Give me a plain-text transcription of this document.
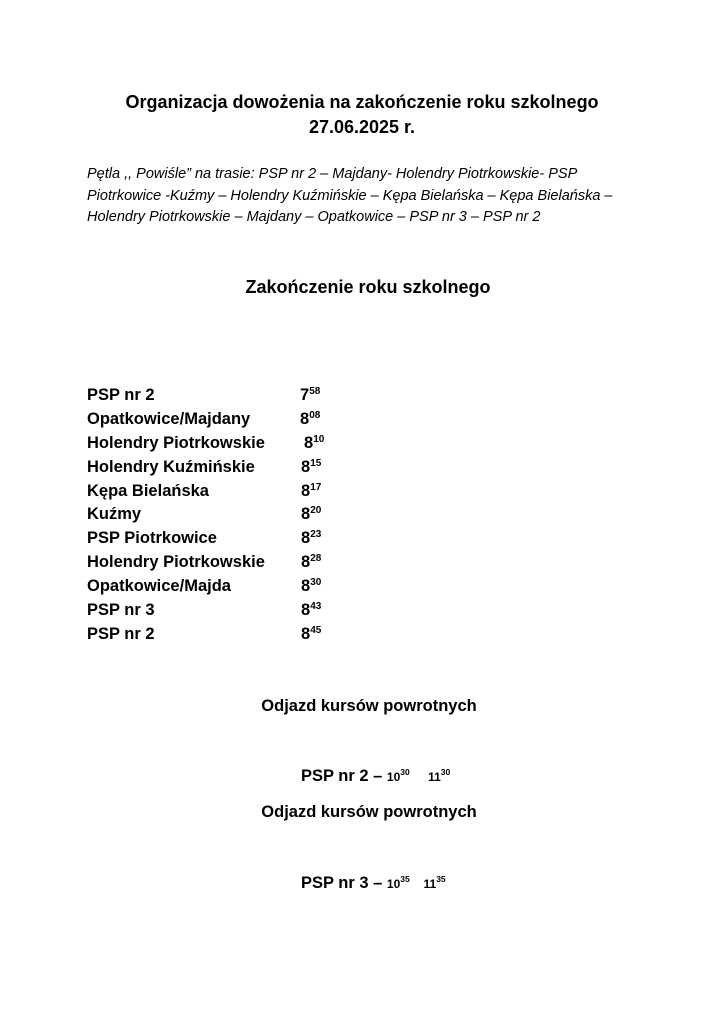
Organizacja dowożenia na zakończenie roku szkolnego
27.06.2025 r.
Pętla ,, Powiśle” na trasie: PSP nr 2 – Majdany- Holendry Piotrkowskie- PSP
Piotrkowice -Kuźmy – Holendry Kuźmińskie – Kępa Bielańska – Kępa Bielańska –
Holendry Piotrkowskie – Majdany – Opatkowice – PSP nr 3 – PSP nr 2
Zakończenie roku szkolnego
PSP nr 2	$7^{58}$
Opatkowice/Majdany	$8^{08}$
Holendry Piotrkowskie $8^{10}$
Holendry Kuźmińskie	$8^{15}$
Kępa Bielańska	$8^{17}$
Kuźmy	$8^{20}$
PSP Piotrkowice	$8^{23}$
Holendry Piotrkowskie $8^{28}$
Opatkowice/Majda	$8^{30}$
PSP nr 3	$8^{43}$
PSP nr 2	$8^{45}$
Odjazd kursów powrotnych
PSP nr $2 - 10^{30}$ $11^{30}$
Odjazd kursów powrotnych
PSP nr $3 - 10^{35}$ $11^{35}$
